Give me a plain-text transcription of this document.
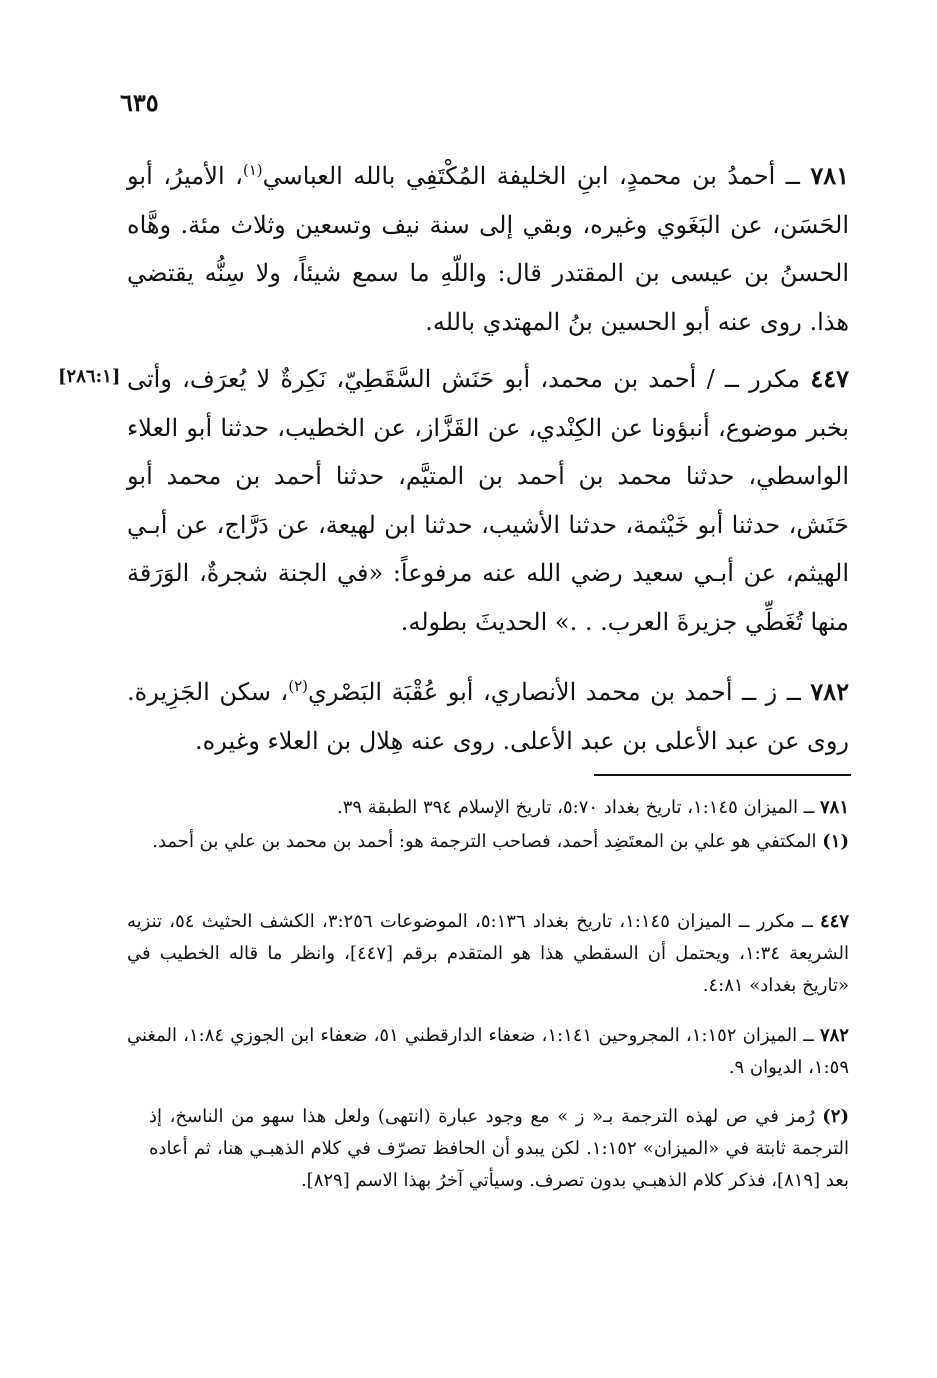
٦٣٥

٧٨١ ــ أحمدُ بن محمدٍ، ابنِ الخليفة المُكْتَفِي بالله العباسي$^{(١)}$، الأميرُ، أبو الحَسَن، عن البَغَوي وغيره، وبقي إلى سنة نيف وتسعين وثلاث مئة. وهَّاه الحسنُ بن عيسى بن المقتدر قال: واللّهِ ما سمع شيئاً، ولا سِنُّه يقتضي هذا. روى عنه أبو الحسين بنُ المهتدي بالله.

[٢٨٦:١]	٤٤٧ مكرر ــ / أحمد بن محمد، أبو حَنَش السَّقَطِيّ، نَكِرةٌ لا يُعرَف، وأتى بخبر موضوع، أنبؤونا عن الكِنْدي، عن القَزَّاز، عن الخطيب، حدثنا أبو العلاء الواسطي، حدثنا محمد بن أحمد بن المتيَّم، حدثنا أحمد بن محمد أبو حَنَش، حدثنا أبو خَيْثمة، حدثنا الأشيب، حدثنا ابن لهيعة، عن دَرَّاج، عن أبـي الهيثم، عن أبـي سعيد رضي الله عنه مرفوعاً: «في الجنة شجرةٌ، الوَرَقة منها تُغَطِّي جزيرةَ العرب. . .» الحديثَ بطوله.

٧٨٢ ــ ز ــ أحمد بن محمد الأنصاري، أبو عُقْبَة البَصْري$^{(٢)}$، سكن الجَزِيرة. روى عن عبد الأعلى بن عبد الأعلى. روى عنه هِلال بن العلاء وغيره.

٧٨١ ــ الميزان ١:١٤٥، تاريخ بغداد ٥:٧٠، تاريخ الإسلام ٣٩٤ الطبقة ٣٩.

(١) المكتفي هو علي بن المعتَضِد أحمد، فصاحب الترجمة هو: أحمد بن محمد بن علي بن أحمد.

٤٤٧ ــ مكرر ــ الميزان ١:١٤٥، تاريخ بغداد ٥:١٣٦، الموضوعات ٣:٢٥٦، الكشف الحثيث ٥٤، تنزيه الشريعة ١:٣٤، ويحتمل أن السقطي هذا هو المتقدم برقم [٤٤٧]، وانظر ما قاله الخطيب في «تاريخ بغداد» ٤:٨١.

٧٨٢ ــ الميزان ١:١٥٢، المجروحين ١:١٤١، ضعفاء الدارقطني ٥١، ضعفاء ابن الجوزي ١:٨٤، المغني ١:٥٩، الديوان ٩.

(٢) رُمز في ص لهذه الترجمة بـ« ز » مع وجود عبارة (انتهى) ولعل هذا سهو من الناسخ، إذ الترجمة ثابتة في «الميزان» ١:١٥٢. لكن يبدو أن الحافظ تصرّف في كلام الذهبـي هنا، ثم أعاده بعد [٨١٩]، فذكر كلام الذهبـي بدون تصرف. وسيأتي آخرُ بهذا الاسم [٨٢٩].
